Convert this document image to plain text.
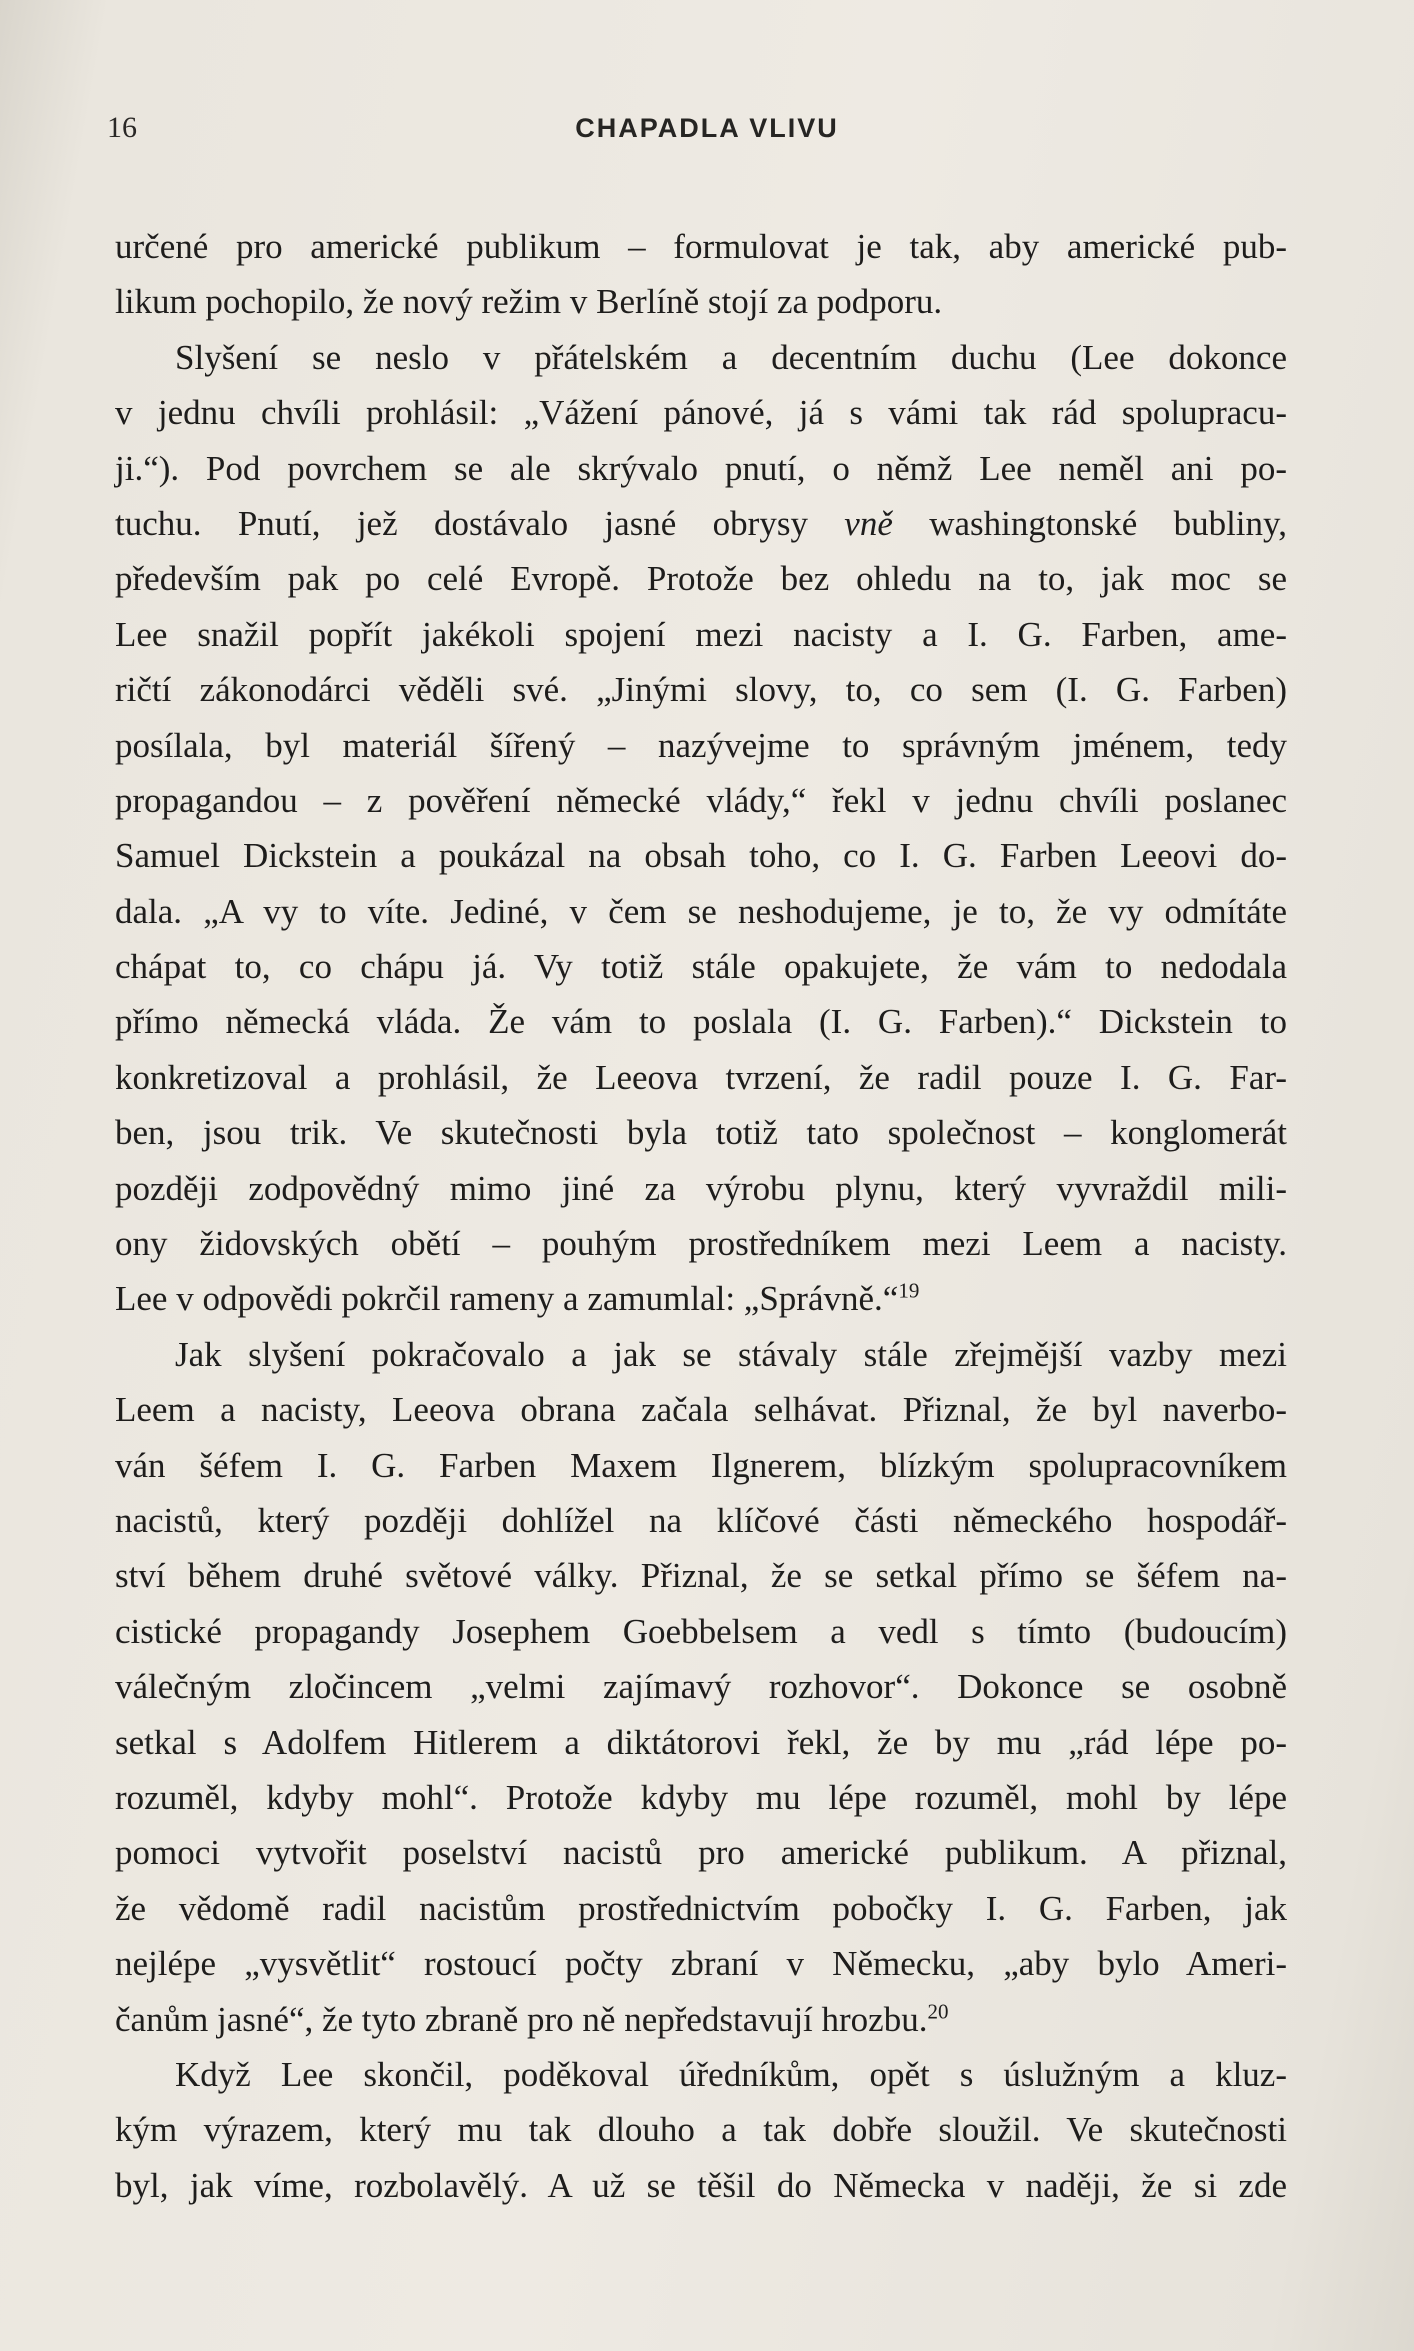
16	CHAPADLA VLIVU
určené pro americké publikum – formulovat je tak, aby americké pub-
likum pochopilo, že nový režim v Berlíně stojí za podporu.
Slyšení se neslo v přátelském a decentním duchu (Lee dokonce
v jednu chvíli prohlásil: „Vážení pánové, já s vámi tak rád spolupracu-
ji.“). Pod povrchem se ale skrývalo pnutí, o němž Lee neměl ani po-
tuchu. Pnutí, jež dostávalo jasné obrysy vně washingtonské bubliny,
především pak po celé Evropě. Protože bez ohledu na to, jak moc se
Lee snažil popřít jakékoli spojení mezi nacisty a I. G. Farben, ame-
ričtí zákonodárci věděli své. „Jinými slovy, to, co sem (I. G. Farben)
posílala, byl materiál šířený – nazývejme to správným jménem, tedy
propagandou – z pověření německé vlády,“ řekl v jednu chvíli poslanec
Samuel Dickstein a poukázal na obsah toho, co I. G. Farben Leeovi do-
dala. „A vy to víte. Jediné, v čem se neshodujeme, je to, že vy odmítáte
chápat to, co chápu já. Vy totiž stále opakujete, že vám to nedodala
přímo německá vláda. Že vám to poslala (I. G. Farben).“ Dickstein to
konkretizoval a prohlásil, že Leeova tvrzení, že radil pouze I. G. Far-
ben, jsou trik. Ve skutečnosti byla totiž tato společnost – konglomerát
později zodpovědný mimo jiné za výrobu plynu, který vyvraždil mili-
ony židovských obětí – pouhým prostředníkem mezi Leem a nacisty.
Lee v odpovědi pokrčil rameny a zamumlal: „Správně.“$^{19}$
Jak slyšení pokračovalo a jak se stávaly stále zřejmější vazby mezi
Leem a nacisty, Leeova obrana začala selhávat. Přiznal, že byl naverbo-
ván šéfem I. G. Farben Maxem Ilgnerem, blízkým spolupracovníkem
nacistů, který později dohlížel na klíčové části německého hospodář-
ství během druhé světové války. Přiznal, že se setkal přímo se šéfem na-
cistické propagandy Josephem Goebbelsem a vedl s tímto (budoucím)
válečným zločincem „velmi zajímavý rozhovor“. Dokonce se osobně
setkal s Adolfem Hitlerem a diktátorovi řekl, že by mu „rád lépe po-
rozuměl, kdyby mohl“. Protože kdyby mu lépe rozuměl, mohl by lépe
pomoci vytvořit poselství nacistů pro americké publikum. A přiznal,
že vědomě radil nacistům prostřednictvím pobočky I. G. Farben, jak
nejlépe „vysvětlit“ rostoucí počty zbraní v Německu, „aby bylo Ameri-
čanům jasné“, že tyto zbraně pro ně nepředstavují hrozbu.$^{20}$
Když Lee skončil, poděkoval úředníkům, opět s úslužným a kluz-
kým výrazem, který mu tak dlouho a tak dobře sloužil. Ve skutečnosti
byl, jak víme, rozbolavělý. A už se těšil do Německa v naději, že si zde
